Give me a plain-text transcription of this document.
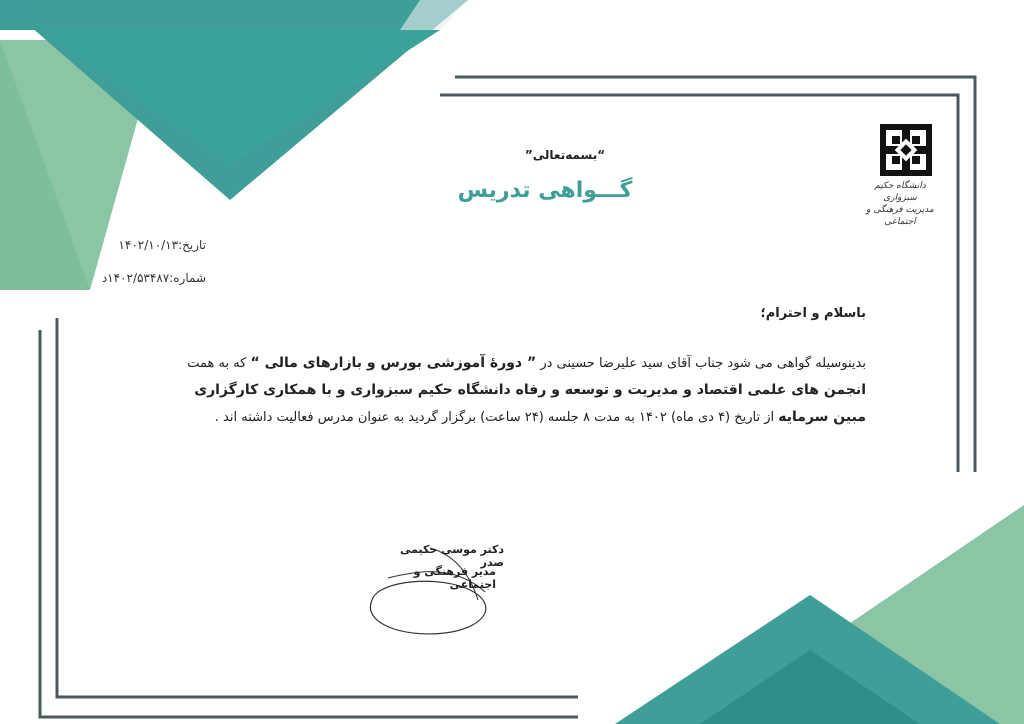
“بسمه‌تعالی”
گـــواهی تدریس	دانشگاه حکیم سبزواری
مدیریت فرهنگی و اجتماعی
تاریخ:۱۴۰۲/۱۰/۱۳
شماره:۱۴۰۲/۵۳۴۸۷د
باسلام و احترام؛
بدینوسیله گواهی می شود جناب آقای سید علیرضا حسینی در ” دورۀ آموزشی بورس و بازارهای مالی “ که به همت انجمن های علمی اقتصاد و مدیریت و توسعه و رفاه دانشگاه حکیم سبزواری و با همکاری کارگزاری مبین سرمایه از تاریخ (۴ دی ماه) ۱۴۰۲ به مدت ۸ جلسه (۲۴ ساعت) برگزار گردید به عنوان مدرس فعالیت داشته اند .
دکتر موسی حکیمی صدر
مدیر فرهنگی و اجتماعی
